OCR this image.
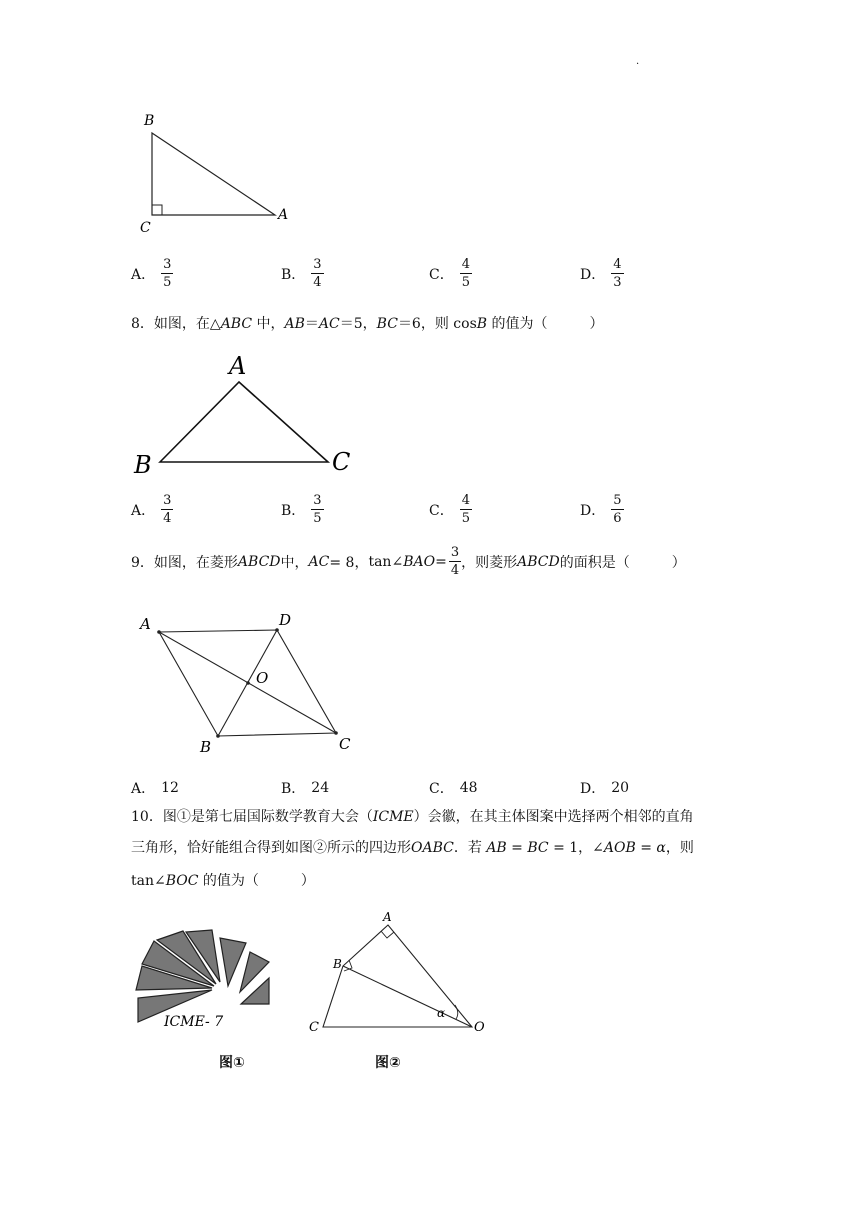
.
B
C
A
A． $\frac{3}{5}$	B． $\frac{3}{4}$	C． $\frac{4}{5}$	D． $\frac{4}{3}$
8．如图，在△ABC 中，AB＝AC＝5，BC＝6，则 cosB 的值为（　　　）
A
B	C
A． $\frac{3}{4}$	B． $\frac{3}{5}$	C． $\frac{4}{5}$	D． $\frac{5}{6}$
9．如图，在菱形 ABCD 中， AC = 8， tan∠ BAO = $\frac{3}{4}$ ，则菱形 ABCD 的面积是（　　　）
A	D
O
B	C
A． 12	B． 24	C． 48	D． 20
10．图①是第七届国际数学教育大会（ICME）会徽，在其主体图案中选择两个相邻的直角
三角形，恰好能组合得到如图②所示的四边形OABC．若 AB = BC = 1，∠AOB = α，则
tan∠BOC 的值为（　　　）
ICME- 7
A
B
C	O
α
图①	图②
